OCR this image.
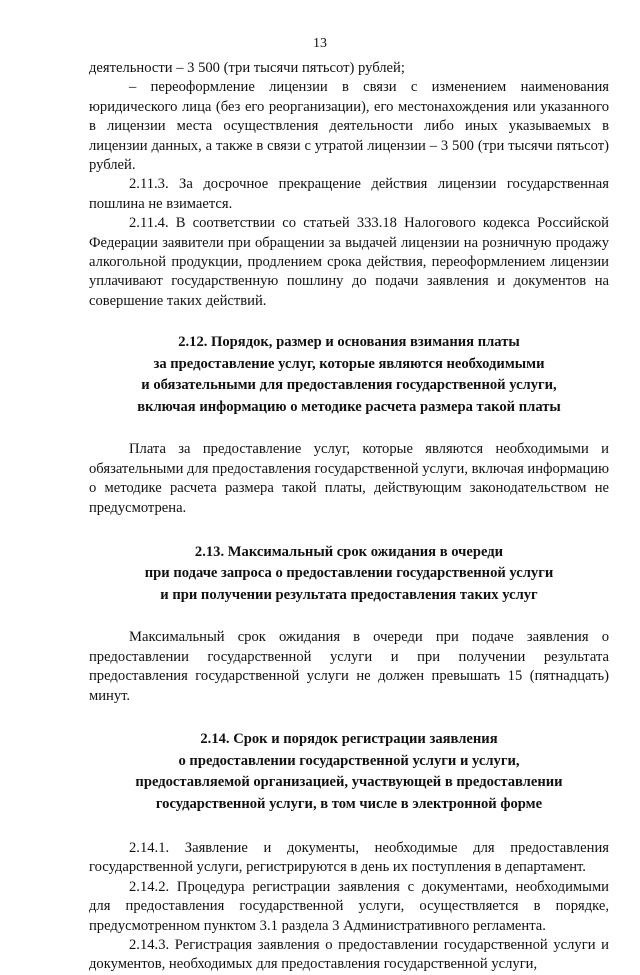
13

деятельности – 3 500 (три тысячи пятьсот) рублей;

– переоформление лицензии в связи с изменением наименования юридического лица (без его реорганизации), его местонахождения или указанного в лицензии места осуществления деятельности либо иных указываемых в лицензии данных, а также в связи с утратой лицензии – 3 500 (три тысячи пятьсот) рублей.

2.11.3. За досрочное прекращение действия лицензии государственная пошлина не взимается.

2.11.4. В соответствии со статьей 333.18 Налогового кодекса Российской Федерации заявители при обращении за выдачей лицензии на розничную продажу алкогольной продукции, продлением срока действия, переоформлением лицензии уплачивают государственную пошлину до подачи заявления и документов на совершение таких действий.

2.12. Порядок, размер и основания взимания платы

за предоставление услуг, которые являются необходимыми

и обязательными для предоставления государственной услуги,

включая информацию о методике расчета размера такой платы

Плата за предоставление услуг, которые являются необходимыми и обязательными для предоставления государственной услуги, включая информацию о методике расчета размера такой платы, действующим законодательством не предусмотрена.

2.13. Максимальный срок ожидания в очереди

при подаче запроса о предоставлении государственной услуги

и при получении результата предоставления таких услуг

Максимальный срок ожидания в очереди при подаче заявления о предоставлении государственной услуги и при получении результата предоставления государственной услуги не должен превышать 15 (пятнадцать) минут.

2.14. Срок и порядок регистрации заявления

о предоставлении государственной услуги и услуги,

предоставляемой организацией, участвующей в предоставлении

государственной услуги, в том числе в электронной форме

2.14.1. Заявление и документы, необходимые для предоставления государственной услуги, регистрируются в день их поступления в департамент.

2.14.2. Процедура регистрации заявления с документами, необходимыми для предоставления государственной услуги, осуществляется в порядке, предусмотренном пунктом 3.1 раздела 3 Административного регламента.

2.14.3. Регистрация заявления о предоставлении государственной услуги и документов, необходимых для предоставления государственной услуги,
